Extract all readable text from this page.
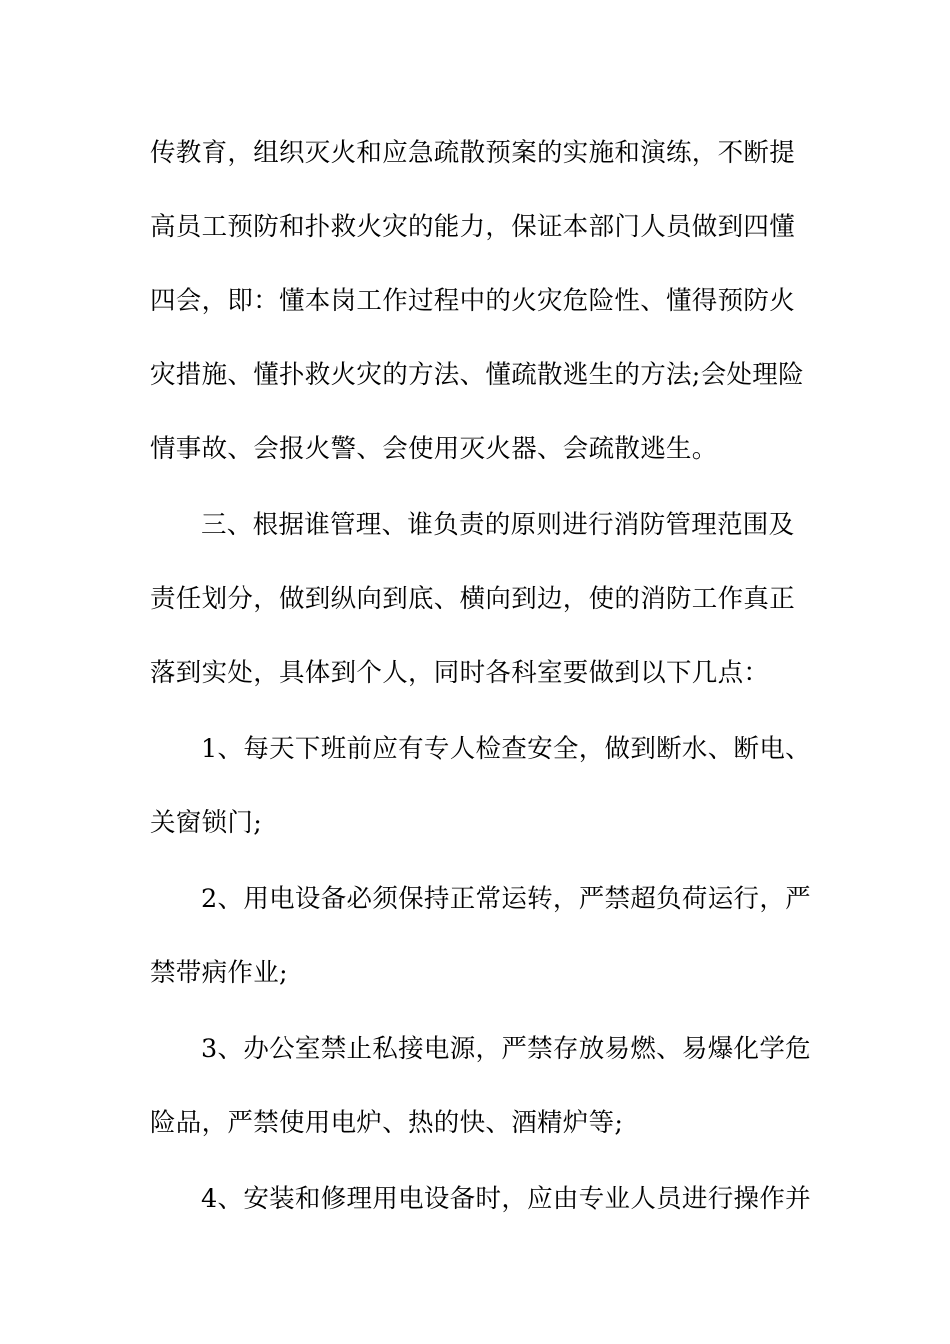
传教育，组织灭火和应急疏散预案的实施和演练，不断提
高员工预防和扑救火灾的能力，保证本部门人员做到四懂
四会，即：懂本岗工作过程中的火灾危险性、懂得预防火
灾措施、懂扑救火灾的方法、懂疏散逃生的方法;会处理险
情事故、会报火警、会使用灭火器、会疏散逃生。
三、根据谁管理、谁负责的原则进行消防管理范围及
责任划分，做到纵向到底、横向到边，使的消防工作真正
落到实处，具体到个人，同时各科室要做到以下几点：
1、每天下班前应有专人检查安全，做到断水、断电、
关窗锁门;
2、用电设备必须保持正常运转，严禁超负荷运行，严
禁带病作业;
3、办公室禁止私接电源，严禁存放易燃、易爆化学危
险品，严禁使用电炉、热的快、酒精炉等;
4、安装和修理用电设备时，应由专业人员进行操作并
